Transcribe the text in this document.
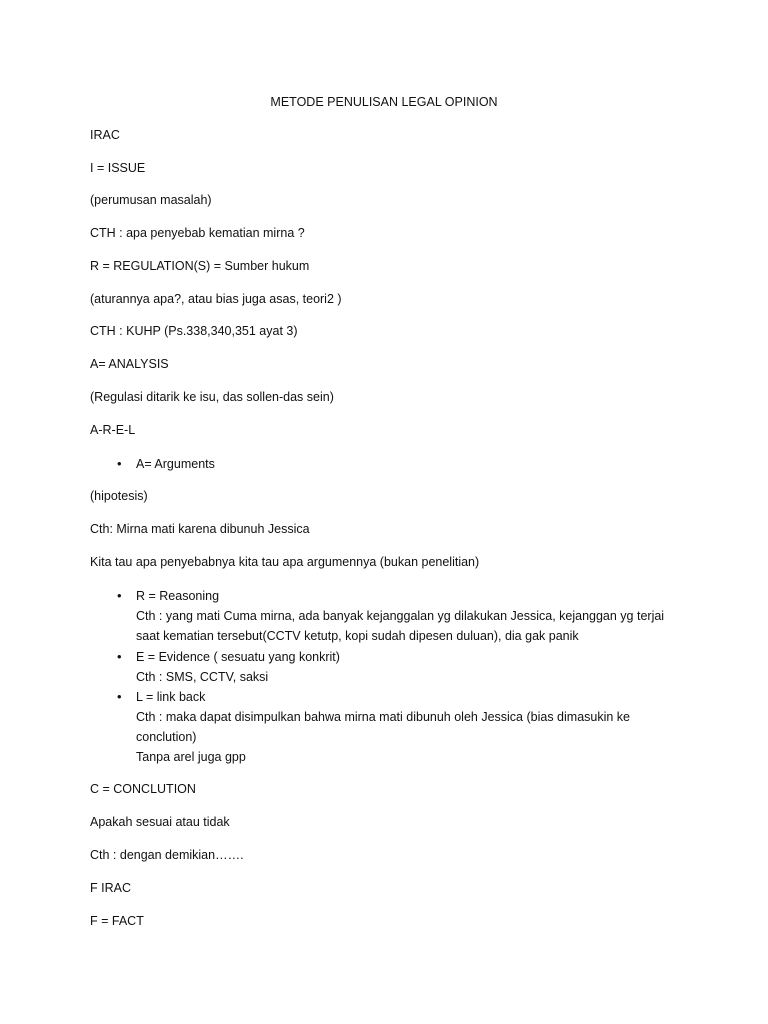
METODE PENULISAN LEGAL OPINION

IRAC

I = ISSUE

(perumusan masalah)

CTH : apa penyebab kematian mirna ?

R = REGULATION(S) = Sumber hukum

(aturannya apa?, atau bias juga asas, teori2 )

CTH : KUHP (Ps.338,340,351 ayat 3)

A= ANALYSIS

(Regulasi ditarik ke isu, das sollen-das sein)

A-R-E-L

•

A= Arguments

(hipotesis)

Cth: Mirna mati karena dibunuh Jessica

Kita tau apa penyebabnya kita tau apa argumennya (bukan penelitian)

•

R = Reasoning

Cth : yang mati Cuma mirna, ada banyak kejanggalan yg dilakukan Jessica, kejanggan yg terjai

saat kematian tersebut(CCTV ketutp, kopi sudah dipesen duluan), dia gak panik

•

E = Evidence ( sesuatu yang konkrit)

Cth : SMS, CCTV, saksi

•

L = link back

Cth : maka dapat disimpulkan bahwa mirna mati dibunuh oleh Jessica (bias dimasukin ke

conclution)

Tanpa arel juga gpp

C = CONCLUTION

Apakah sesuai atau tidak

Cth : dengan demikian…….

F IRAC

F = FACT
